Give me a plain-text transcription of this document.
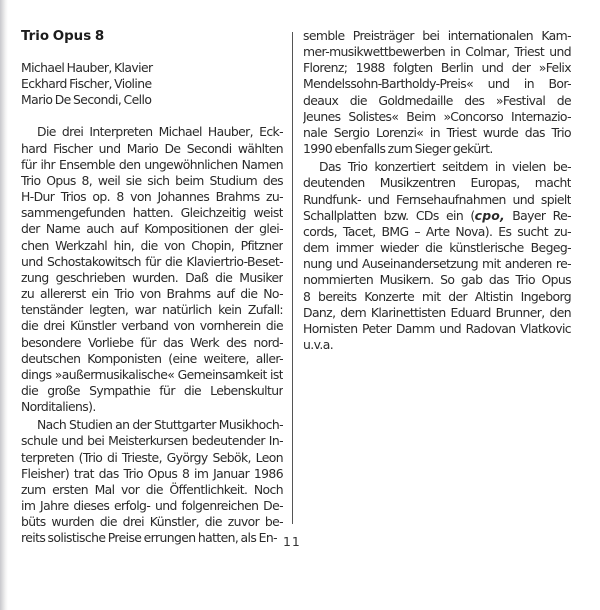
Trio Opus 8
Michael Hauber, Klavier
Eckhard Fischer, Violine
Mario De Secondi, Cello
Die drei Interpreten Michael Hauber, Eck-
hard Fischer und Mario De Secondi wählten
für ihr Ensemble den ungewöhnlichen Namen
Trio Opus 8, weil sie sich beim Studium des
H-Dur Trios op. 8 von Johannes Brahms zu-
sammengefunden hatten. Gleichzeitig weist
der Name auch auf Kompositionen der glei-
chen Werkzahl hin, die von Chopin, Pfitzner
und Schostakowitsch für die Klaviertrio-Beset-
zung geschrieben wurden. Daß die Musiker
zu allererst ein Trio von Brahms auf die No-
tenständer legten, war natürlich kein Zufall:
die drei Künstler verband von vornherein die
besondere Vorliebe für das Werk des nord-
deutschen Komponisten (eine weitere, aller-
dings »außermusikalische« Gemeinsamkeit ist
die große Sympathie für die Lebenskultur
Norditaliens).
Nach Studien an der Stuttgarter Musikhoch-
schule und bei Meisterkursen bedeutender In-
terpreten (Trio di Trieste, György Sebök, Leon
Fleisher) trat das Trio Opus 8 im Januar 1986
zum ersten Mal vor die Öffentlichkeit. Noch
im Jahre dieses erfolg- und folgenreichen De-
büts wurden die drei Künstler, die zuvor be-
reits solistische Preise errungen hatten, als En-
semble Preisträger bei internationalen Kam-
mer-musikwettbewerben in Colmar, Triest und
Florenz; 1988 folgten Berlin und der »Felix
Mendelssohn-Bartholdy-Preis« und in Bor-
deaux die Goldmedaille des »Festival de
Jeunes Solistes« Beim »Concorso Internazio-
nale Sergio Lorenzi« in Triest wurde das Trio
1990 ebenfalls zum Sieger gekürt.
Das Trio konzertiert seitdem in vielen be-
deutenden Musikzentren Europas, macht
Rundfunk- und Fernsehaufnahmen und spielt
Schallplatten bzw. CDs ein (cpo, Bayer Re-
cords, Tacet, BMG – Arte Nova). Es sucht zu-
dem immer wieder die künstlerische Begeg-
nung und Auseinandersetzung mit anderen re-
nommierten Musikern. So gab das Trio Opus
8 bereits Konzerte mit der Altistin Ingeborg
Danz, dem Klarinettisten Eduard Brunner, den
Hornisten Peter Damm und Radovan Vlatkovic
u.v.a.
11
